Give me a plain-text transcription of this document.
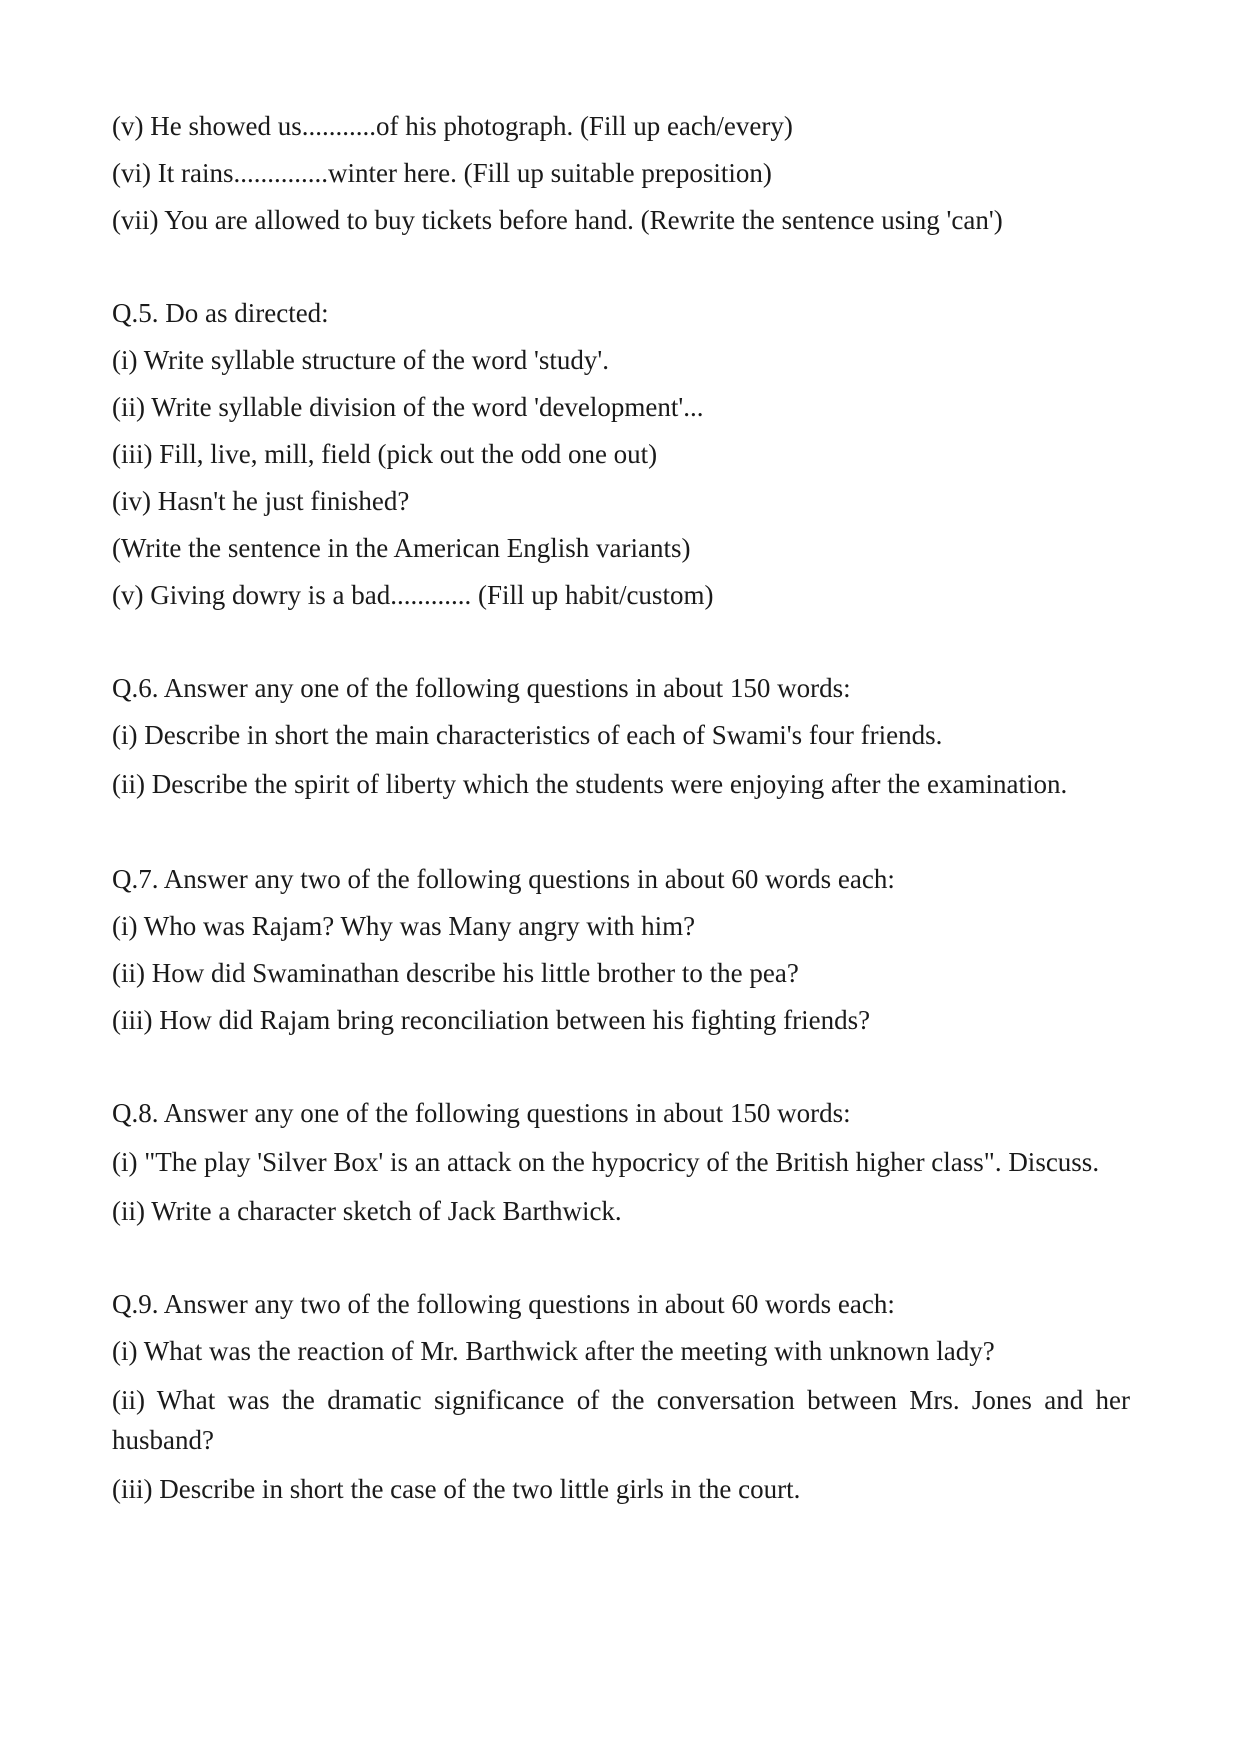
(v) He showed us...........of his photograph. (Fill up each/every)

(vi) It rains..............winter here. (Fill up suitable preposition)

(vii) You are allowed to buy tickets before hand. (Rewrite the sentence using 'can')

Q.5. Do as directed:

(i) Write syllable structure of the word 'study'.

(ii) Write syllable division of the word 'development'...

(iii) Fill, live, mill, field (pick out the odd one out)

(iv) Hasn't he just finished?

(Write the sentence in the American English variants)

(v) Giving dowry is a bad............ (Fill up habit/custom)

Q.6. Answer any one of the following questions in about 150 words:

(i) Describe in short the main characteristics of each of Swami's four friends.

(ii) Describe the spirit of liberty which the students were enjoying after the examination.

Q.7. Answer any two of the following questions in about 60 words each:

(i) Who was Rajam? Why was Many angry with him?

(ii) How did Swaminathan describe his little brother to the pea?

(iii) How did Rajam bring reconciliation between his fighting friends?

Q.8. Answer any one of the following questions in about 150 words:

(i) "The play 'Silver Box' is an attack on the hypocricy of the British higher class". Discuss.

(ii) Write a character sketch of Jack Barthwick.

Q.9. Answer any two of the following questions in about 60 words each:

(i) What was the reaction of Mr. Barthwick after the meeting with unknown lady?

(ii) What was the dramatic significance of the conversation between Mrs. Jones and her husband?

(iii) Describe in short the case of the two little girls in the court.
